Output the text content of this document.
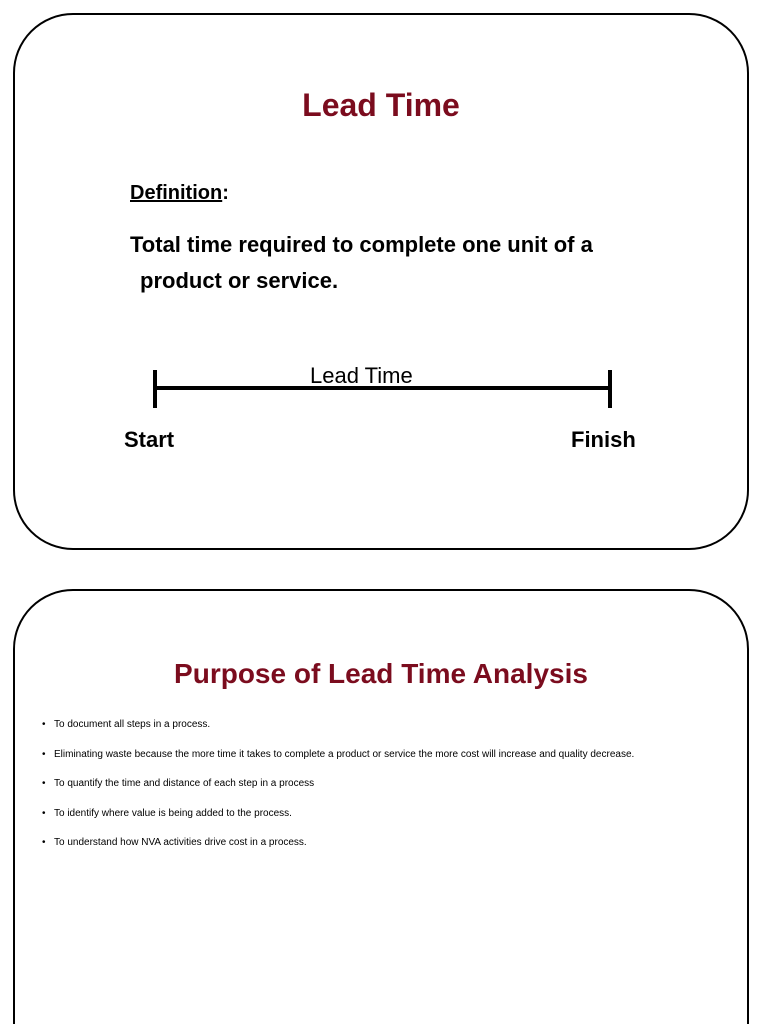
Lead Time

Definition:

Total time required to complete one unit of a
product or service.

Lead Time

Start	Finish

Purpose of Lead Time Analysis
• To document all steps in a process.
• Eliminating waste because the more time it takes to complete a product or service the more cost will increase and quality decrease.
• To quantify the time and distance of each step in a process
• To identify where value is being added to the process.
• To understand how NVA activities drive cost in a process.
